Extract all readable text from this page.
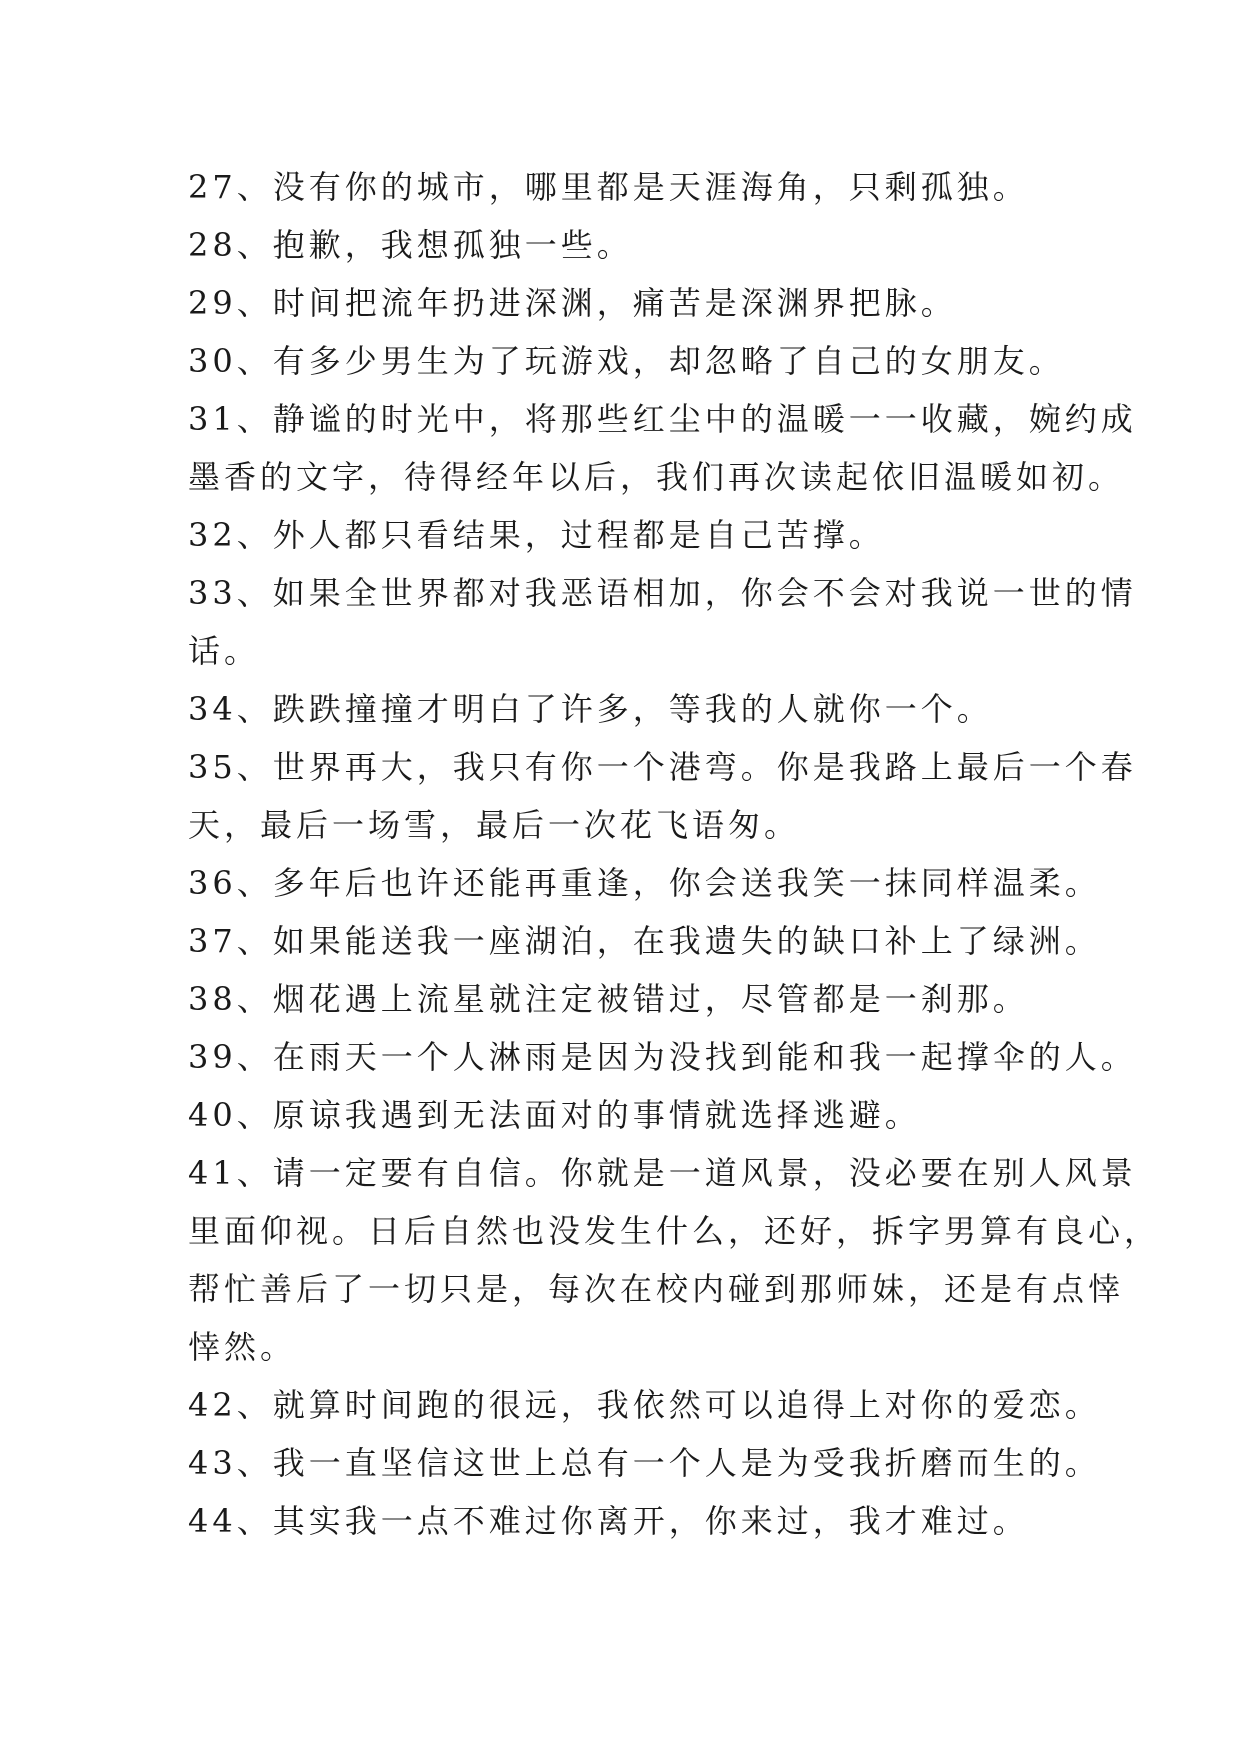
27、没有你的城市，哪里都是天涯海角，只剩孤独。
28、抱歉，我想孤独一些。
29、时间把流年扔进深渊，痛苦是深渊界把脉。
30、有多少男生为了玩游戏，却忽略了自己的女朋友。
31、静谧的时光中，将那些红尘中的温暖一一收藏，婉约成
墨香的文字，待得经年以后，我们再次读起依旧温暖如初。
32、外人都只看结果，过程都是自己苦撑。
33、如果全世界都对我恶语相加，你会不会对我说一世的情
话。
34、跌跌撞撞才明白了许多，等我的人就你一个。
35、世界再大，我只有你一个港弯。你是我路上最后一个春
天，最后一场雪，最后一次花飞语匆。
36、多年后也许还能再重逢，你会送我笑一抹同样温柔。
37、如果能送我一座湖泊，在我遗失的缺口补上了绿洲。
38、烟花遇上流星就注定被错过，尽管都是一刹那。
39、在雨天一个人淋雨是因为没找到能和我一起撑伞的人。
40、原谅我遇到无法面对的事情就选择逃避。
41、请一定要有自信。你就是一道风景，没必要在别人风景
里面仰视。日后自然也没发生什么，还好，拆字男算有良心，
帮忙善后了一切只是，每次在校内碰到那师妹，还是有点悻
悻然。
42、就算时间跑的很远，我依然可以追得上对你的爱恋。
43、我一直坚信这世上总有一个人是为受我折磨而生的。
44、其实我一点不难过你离开，你来过，我才难过。
